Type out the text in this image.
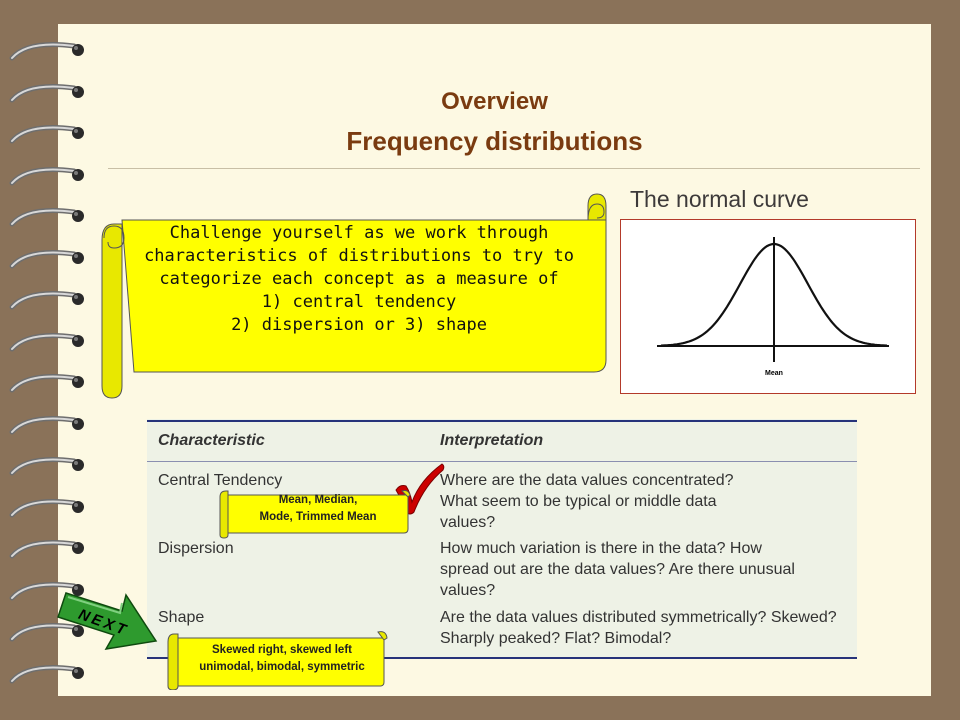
Overview
Frequency distributions
The normal curve
Mean
Challenge yourself as we work through
characteristics of distributions to try to
categorize each concept as a measure of
1) central tendency
2) dispersion or 3) shape
Characteristic	Interpretation
Central Tendency	Where are the data values concentrated?
What seem to be typical or middle data
values?
Dispersion	How much variation is there in the data? How
spread out are the data values? Are there unusual
values?
Shape	Are the data values distributed symmetrically? Skewed?
Sharply peaked? Flat? Bimodal?
Mean, Median,
Mode, Trimmed Mean
Skewed right, skewed left
unimodal, bimodal, symmetric
NEXT
